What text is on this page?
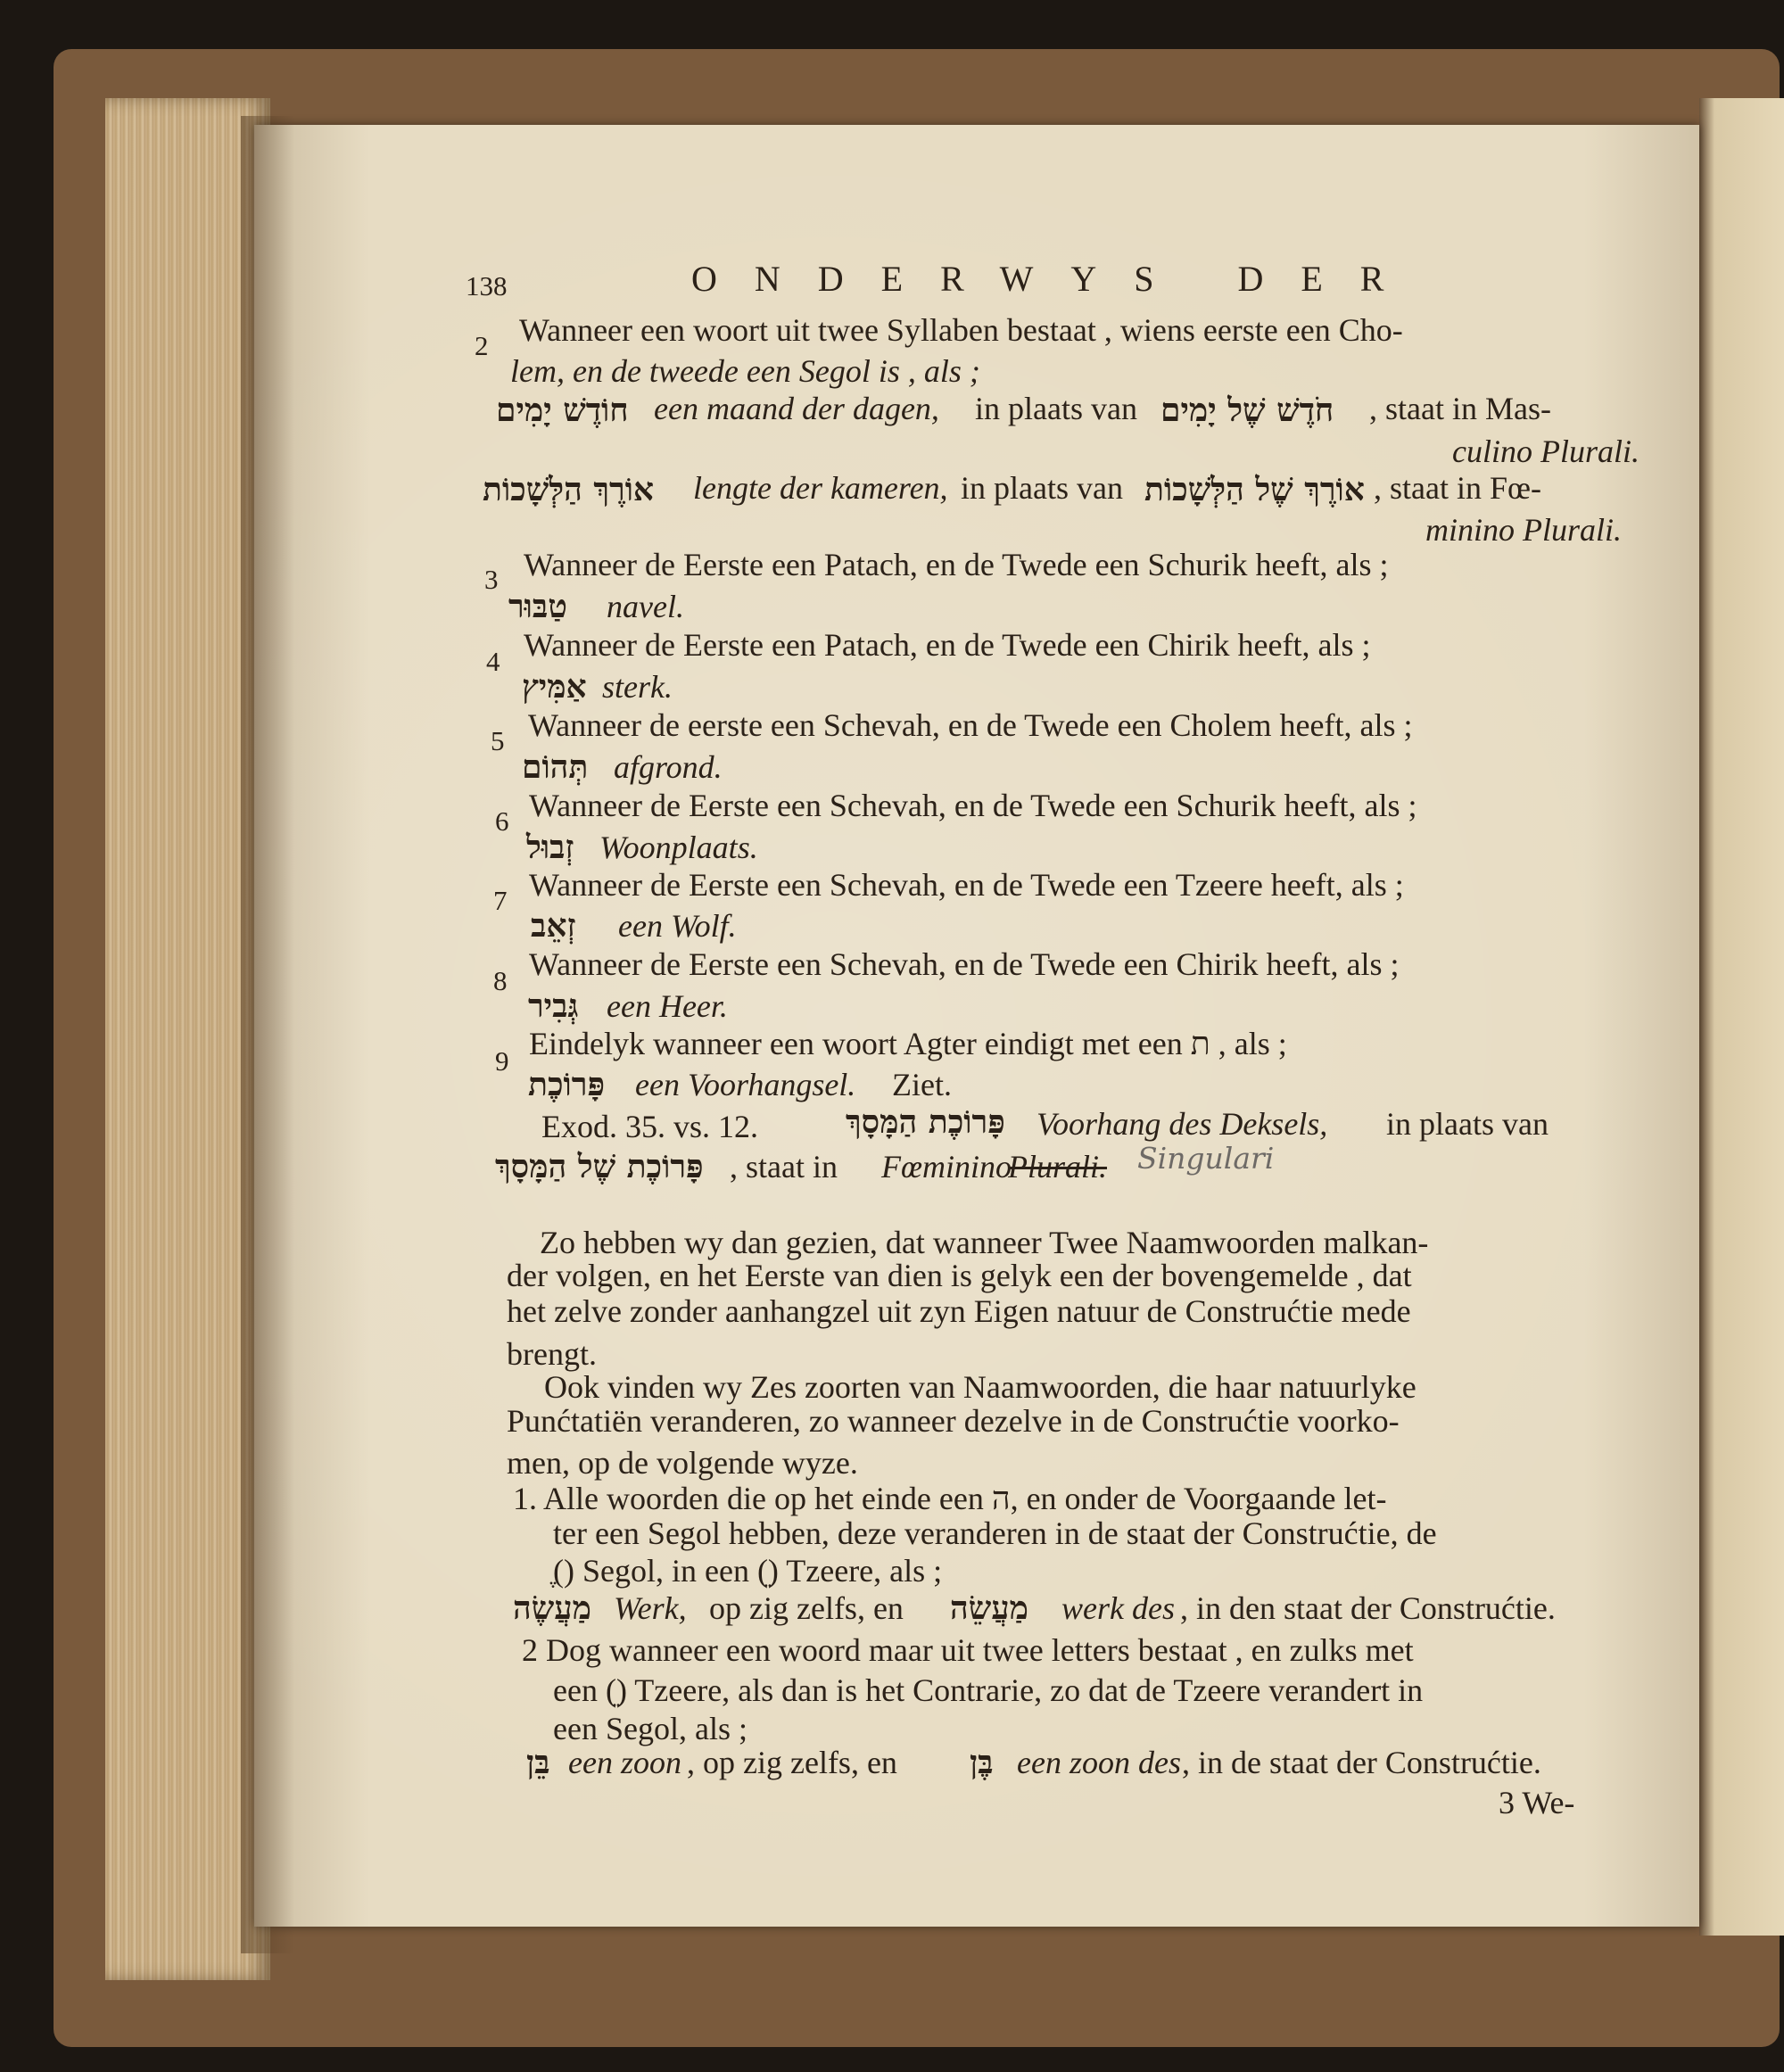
138	ONDERWYS DER
2 Wanneer een woort uit twee Syllaben bestaat , wiens eerste een Cho-
lem, en de tweede een Segol is , als ;
חוֹדֶשׁ יָמִים een maand der dagen, in plaats van חֹדֶשׁ שֶׁל יָמִים , staat in Mas-
culino Plurali.
אוֹרֶךְ הַלְּשָׁכוֹת lengte der kameren, in plaats van אוֹרֶךְ שֶׁל הַלְּשָׁכוֹת , staat in Fœ-
minino Plurali.
3 Wanneer de Eerste een Patach, en de Twede een Schurik heeft, als ;
טַבּוּר navel.
4 Wanneer de Eerste een Patach, en de Twede een Chirik heeft, als ;
אַמִּיץ sterk.
5 Wanneer de eerste een Schevah, en de Twede een Cholem heeft, als ;
תְּהוֹם afgrond.
6 Wanneer de Eerste een Schevah, en de Twede een Schurik heeft, als ;
זְבוּל Woonplaats.
7 Wanneer de Eerste een Schevah, en de Twede een Tzeere heeft, als ;
זְאֵב een Wolf.
8 Wanneer de Eerste een Schevah, en de Twede een Chirik heeft, als ;
גְּבִיר een Heer.
9 Eindelyk wanneer een woort Agter eindigt met een ת , als ;
פָּרוֹכֶת een Voorhangsel. Ziet.
Exod. 35. vs. 12.	פָּרוֹכֶת הַמָּסָךְ Voorhang des Deksels, in plaats van
פָּרוֹכֶת שֶׁל הַמָּסָךְ , staat in Fœminino
Plurali. Singulari
Zo hebben wy dan gezien, dat wanneer Twee Naamwoorden malkan-
der volgen, en het Eerste van dien is gelyk een der bovengemelde , dat
het zelve zonder aanhangzel uit zyn Eigen natuur de Construćtie mede
brengt.
Ook vinden wy Zes zoorten van Naamwoorden, die haar natuurlyke
Punćtatiën veranderen, zo wanneer dezelve in de Construćtie voorko-
men, op de volgende wyze.
1. Alle woorden die op het einde een ה, en onder de Voorgaande let-
ter een Segol hebben, deze veranderen in de staat der Construćtie, de
(ֶ) Segol, in een (ֵ) Tzeere, als ;
מַעֲשֶׂה Werk, op zig zelfs, en מַעֲשֵׂה werk des , in den staat der Construćtie.
2 Dog wanneer een woord maar uit twee letters bestaat , en zulks met
een (ֵ) Tzeere, als dan is het Contrarie, zo dat de Tzeere verandert in
een Segol, als ;
בֵּן een zoon , op zig zelfs, en בֶּן een zoon des , in de staat der Construćtie.
3 We-
